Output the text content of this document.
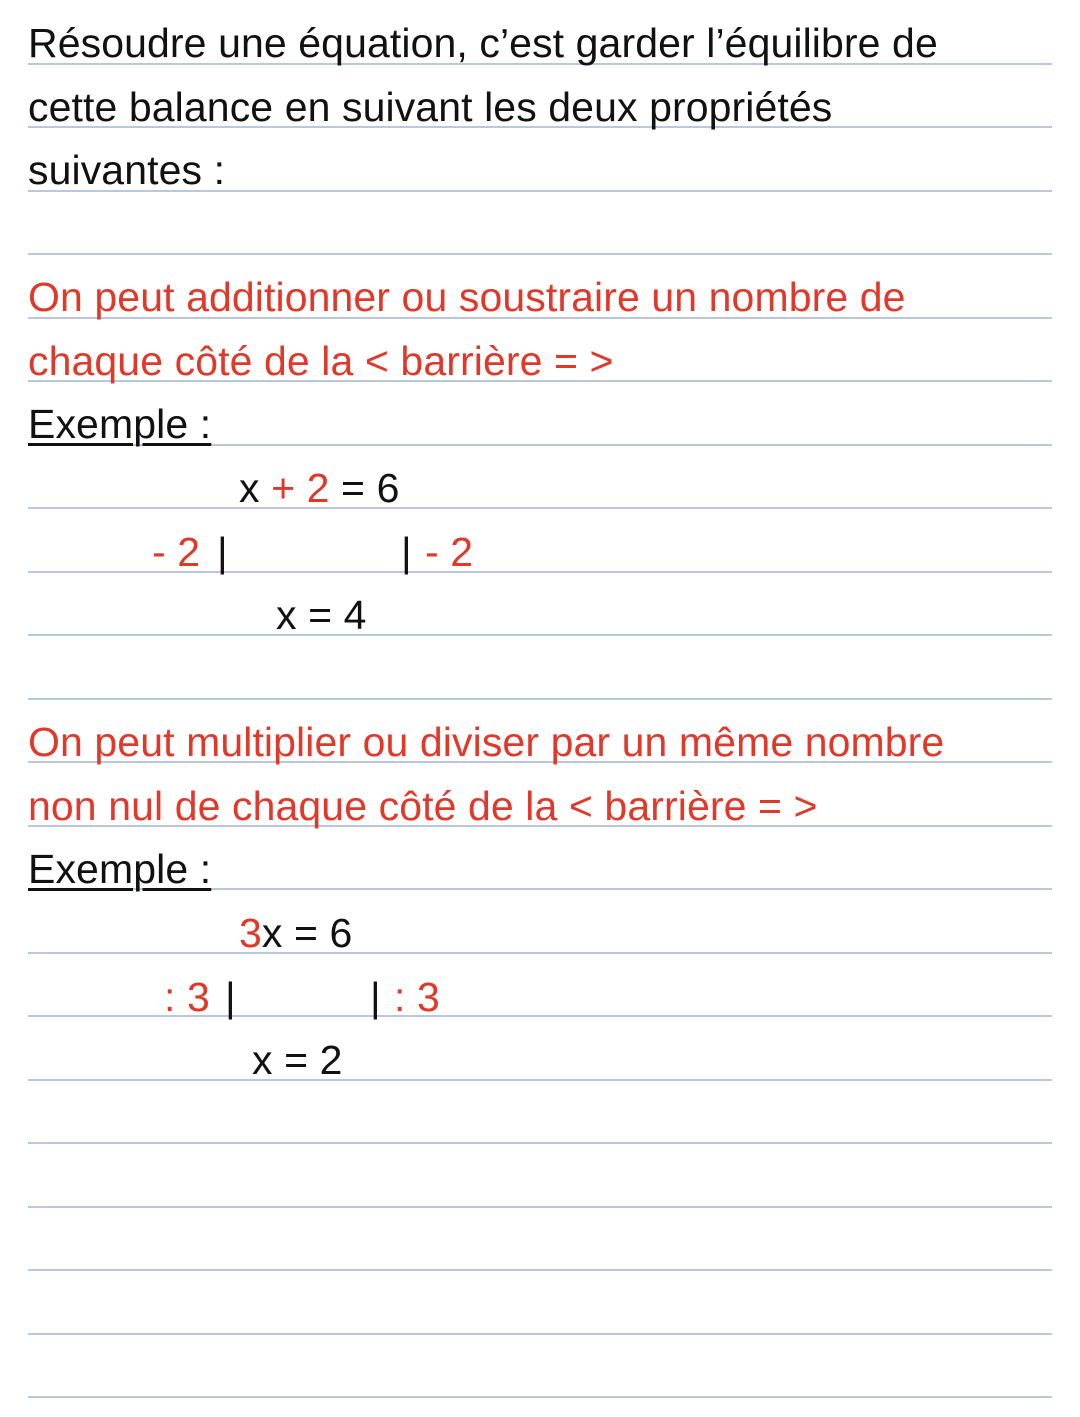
Résoudre une équation, c’est garder l’équilibre de
cette balance en suivant les deux propriétés
suivantes :
On peut additionner ou soustraire un nombre de
chaque côté de la < barrière = >
Exemple :
x + 2 = 6
- 2 |	| - 2
x = 4
On peut multiplier ou diviser par un même nombre
non nul de chaque côté de la < barrière = >
Exemple :
3x = 6
: 3 |	| : 3
x = 2
